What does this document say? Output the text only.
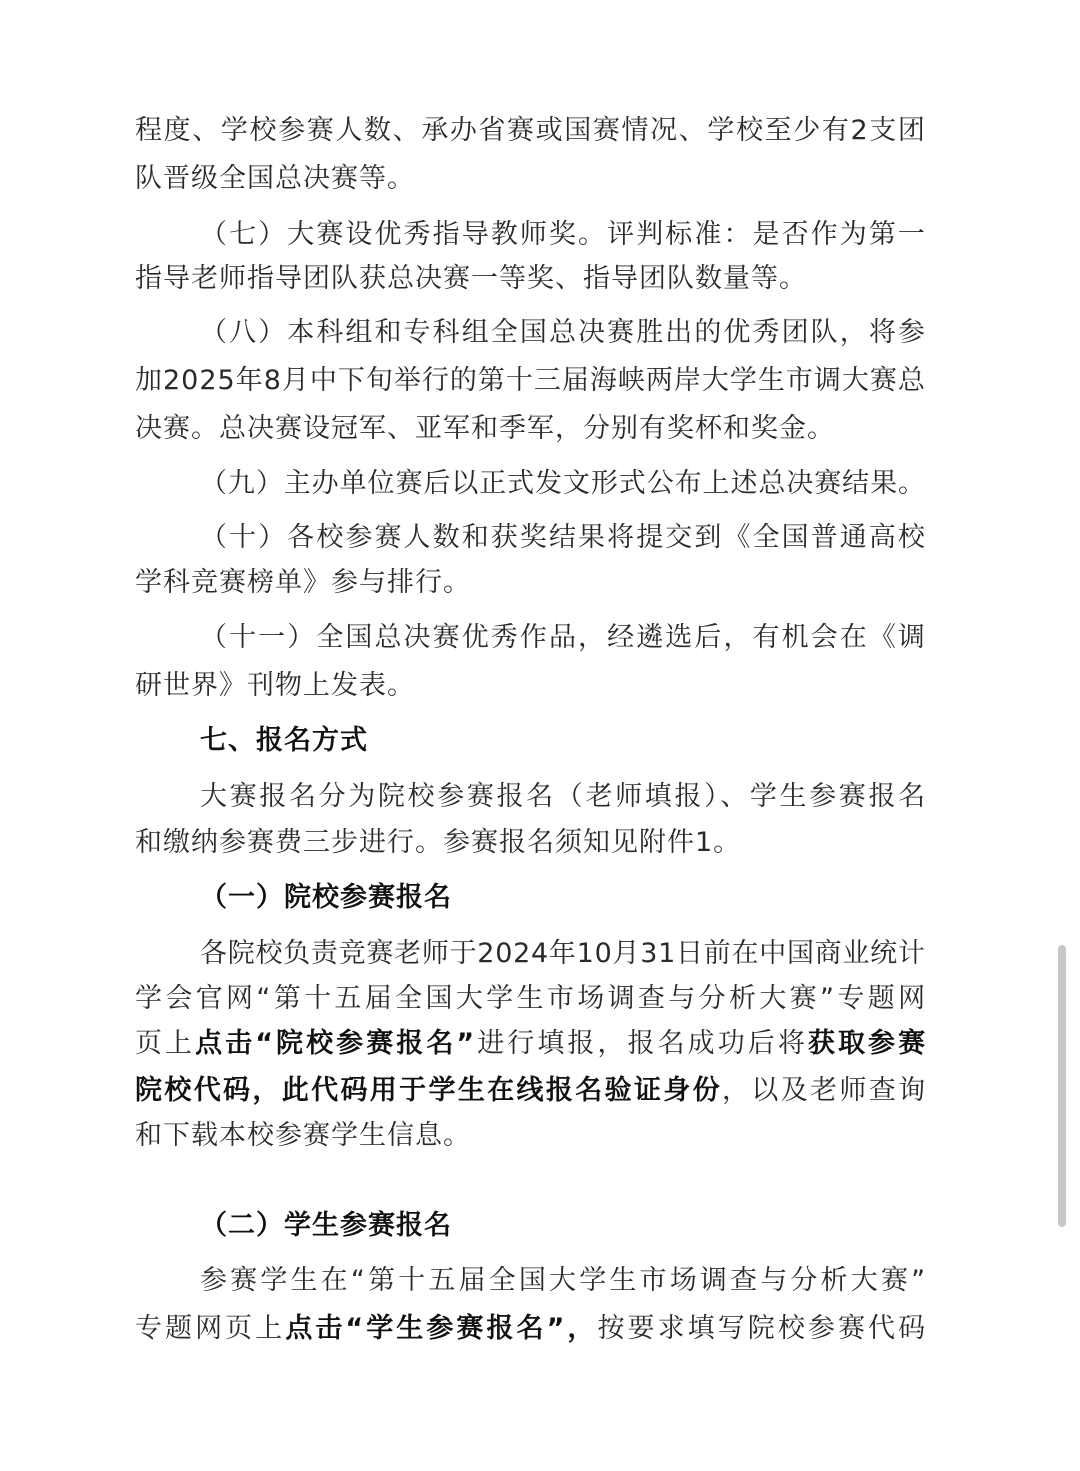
程度、学校参赛人数、承办省赛或国赛情况、学校至少有2支团
队晋级全国总决赛等。
（七）大赛设优秀指导教师奖。评判标准：是否作为第一
指导老师指导团队获总决赛一等奖、指导团队数量等。
（八）本科组和专科组全国总决赛胜出的优秀团队，将参
加2025年8月中下旬举行的第十三届海峡两岸大学生市调大赛总
决赛。总决赛设冠军、亚军和季军，分别有奖杯和奖金。
（九）主办单位赛后以正式发文形式公布上述总决赛结果。
（十）各校参赛人数和获奖结果将提交到《全国普通高校
学科竞赛榜单》参与排行。
（十一）全国总决赛优秀作品，经遴选后，有机会在《调
研世界》刊物上发表。
七、报名方式
大赛报名分为院校参赛报名（老师填报）、学生参赛报名
和缴纳参赛费三步进行。参赛报名须知见附件1。
（一）院校参赛报名
各院校负责竞赛老师于2024年10月31日前在中国商业统计
学会官网“第十五届全国大学生市场调查与分析大赛”专题网
页上点击“院校参赛报名”进行填报，报名成功后将获取参赛
院校代码，此代码用于学生在线报名验证身份，以及老师查询
和下载本校参赛学生信息。
（二）学生参赛报名
参赛学生在“第十五届全国大学生市场调查与分析大赛”
专题网页上点击“学生参赛报名”，按要求填写院校参赛代码
